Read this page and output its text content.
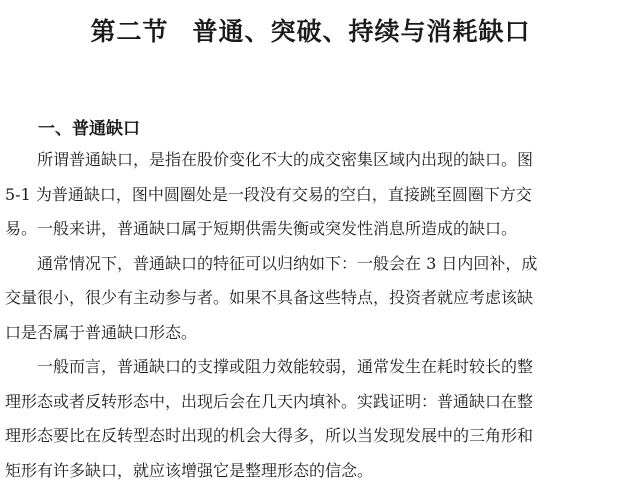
第二节 普通、突破、持续与消耗缺口
一、普通缺口
所谓普通缺口，是指在股价变化不大的成交密集区域内出现的缺口。图
5-1 为普通缺口，图中圆圈处是一段没有交易的空白，直接跳至圆圈下方交
易。一般来讲，普通缺口属于短期供需失衡或突发性消息所造成的缺口。
通常情况下，普通缺口的特征可以归纳如下：一般会在 3 日内回补，成
交量很小，很少有主动参与者。如果不具备这些特点，投资者就应考虑该缺
口是否属于普通缺口形态。
一般而言，普通缺口的支撑或阻力效能较弱，通常发生在耗时较长的整
理形态或者反转形态中，出现后会在几天内填补。实践证明：普通缺口在整
理形态要比在反转型态时出现的机会大得多，所以当发现发展中的三角形和
矩形有许多缺口，就应该增强它是整理形态的信念。
